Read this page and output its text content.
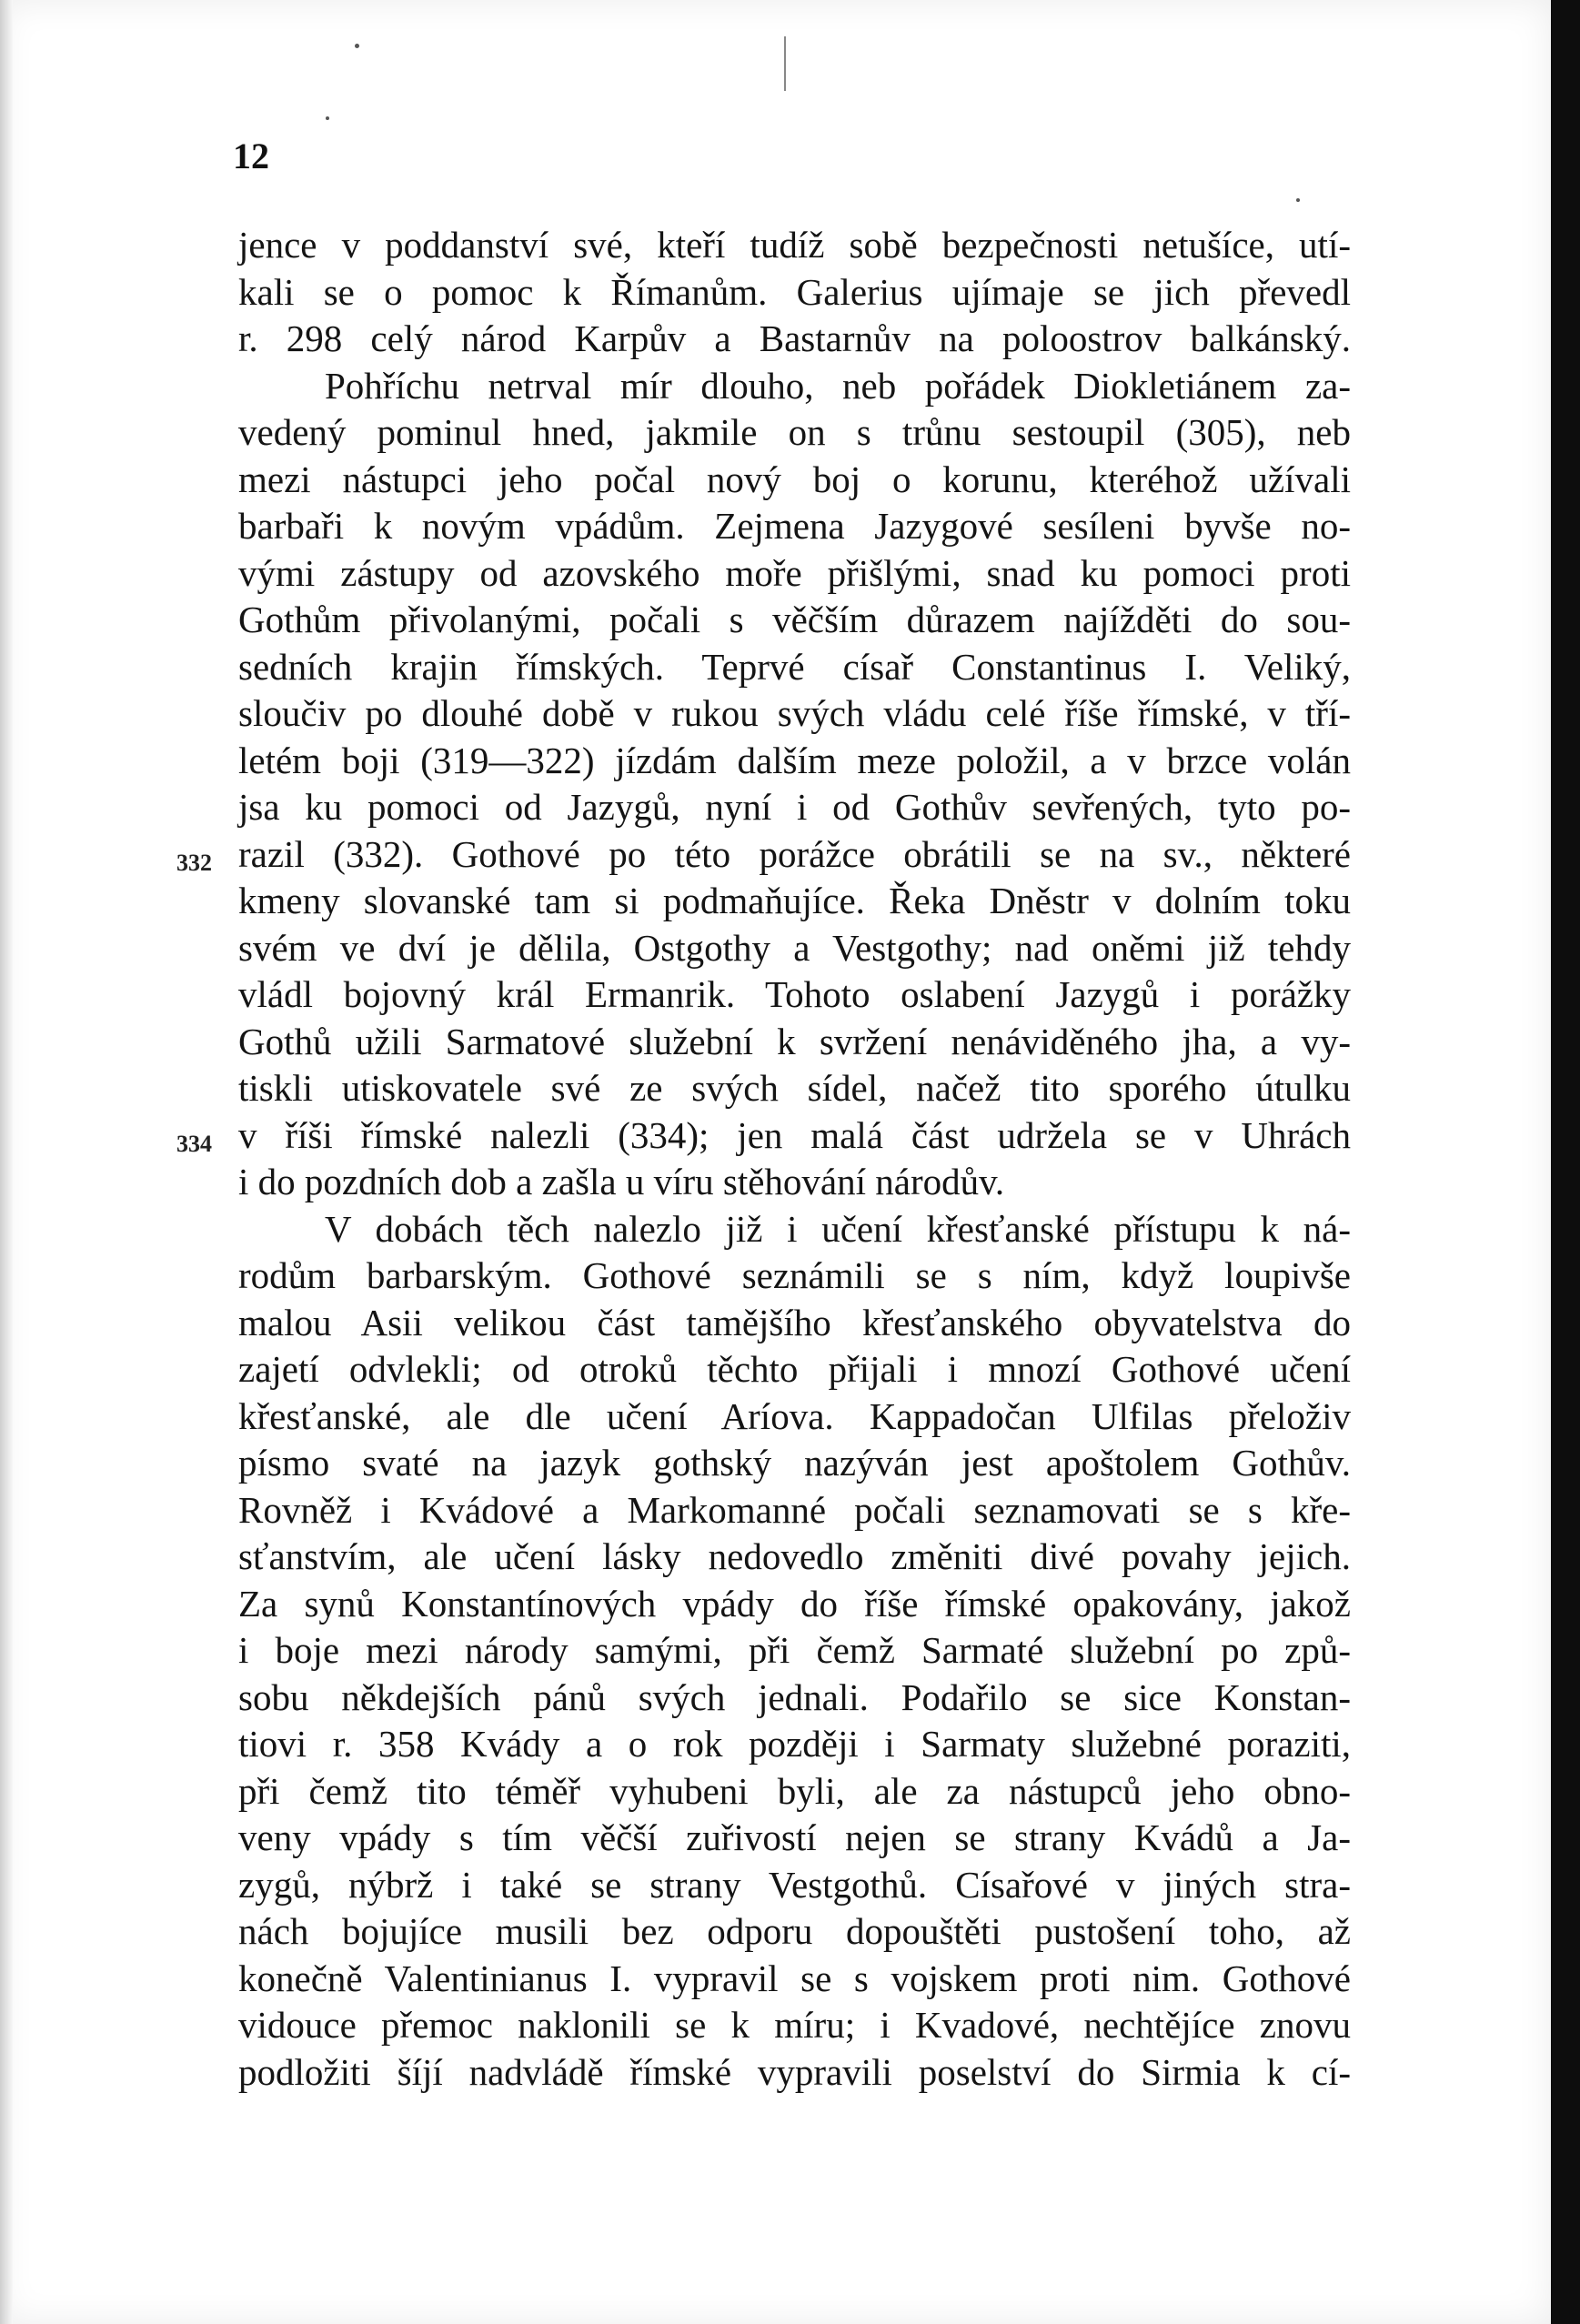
12
332
334
jence v poddanství své, kteří tudíž sobě bezpečnosti netušíce, utí-
kali se o pomoc k Římanům. Galerius ujímaje se jich převedl
r. 298 celý národ Karpův a Bastarnův na poloostrov balkánský.
Pohříchu netrval mír dlouho, neb pořádek Diokletiánem za-
vedený pominul hned, jakmile on s trůnu sestoupil (305), neb
mezi nástupci jeho počal nový boj o korunu, kteréhož užívali
barbaři k novým vpádům. Zejmena Jazygové sesíleni byvše no-
vými zástupy od azovského moře přišlými, snad ku pomoci proti
Gothům přivolanými, počali s věčším důrazem najížděti do sou-
sedních krajin římských. Teprvé císař Constantinus I. Veliký,
sloučiv po dlouhé době v rukou svých vládu celé říše římské, v tří-
letém boji (319—322) jízdám dalším meze položil, a v brzce volán
jsa ku pomoci od Jazygů, nyní i od Gothův sevřených, tyto po-
razil (332). Gothové po této porážce obrátili se na sv., některé
kmeny slovanské tam si podmaňujíce. Řeka Dněstr v dolním toku
svém ve dví je dělila, Ostgothy a Vestgothy; nad oněmi již tehdy
vládl bojovný král Ermanrik. Tohoto oslabení Jazygů i porážky
Gothů užili Sarmatové služební k svržení nenáviděného jha, a vy-
tiskli utiskovatele své ze svých sídel, načež tito sporého útulku
v říši římské nalezli (334); jen malá část udržela se v Uhrách
i do pozdních dob a zašla u víru stěhování národův.
V dobách těch nalezlo již i učení křesťanské přístupu k ná-
rodům barbarským. Gothové seznámili se s ním, když loupivše
malou Asii velikou část tamějšího křesťanského obyvatelstva do
zajetí odvlekli; od otroků těchto přijali i mnozí Gothové učení
křesťanské, ale dle učení Aríova. Kappadočan Ulfilas přeloživ
písmo svaté na jazyk gothský nazýván jest apoštolem Gothův.
Rovněž i Kvádové a Markomanné počali seznamovati se s kře-
sťanstvím, ale učení lásky nedovedlo změniti divé povahy jejich.
Za synů Konstantínových vpády do říše římské opakovány, jakož
i boje mezi národy samými, při čemž Sarmaté služební po způ-
sobu někdejších pánů svých jednali. Podařilo se sice Konstan-
tiovi r. 358 Kvády a o rok později i Sarmaty služebné poraziti,
při čemž tito téměř vyhubeni byli, ale za nástupců jeho obno-
veny vpády s tím věčší zuřivostí nejen se strany Kvádů a Ja-
zygů, nýbrž i také se strany Vestgothů. Císařové v jiných stra-
nách bojujíce musili bez odporu dopouštěti pustošení toho, až
konečně Valentinianus I. vypravil se s vojskem proti nim. Gothové
vidouce přemoc naklonili se k míru; i Kvadové, nechtějíce znovu
podložiti šíjí nadvládě římské vypravili poselství do Sirmia k cí-
